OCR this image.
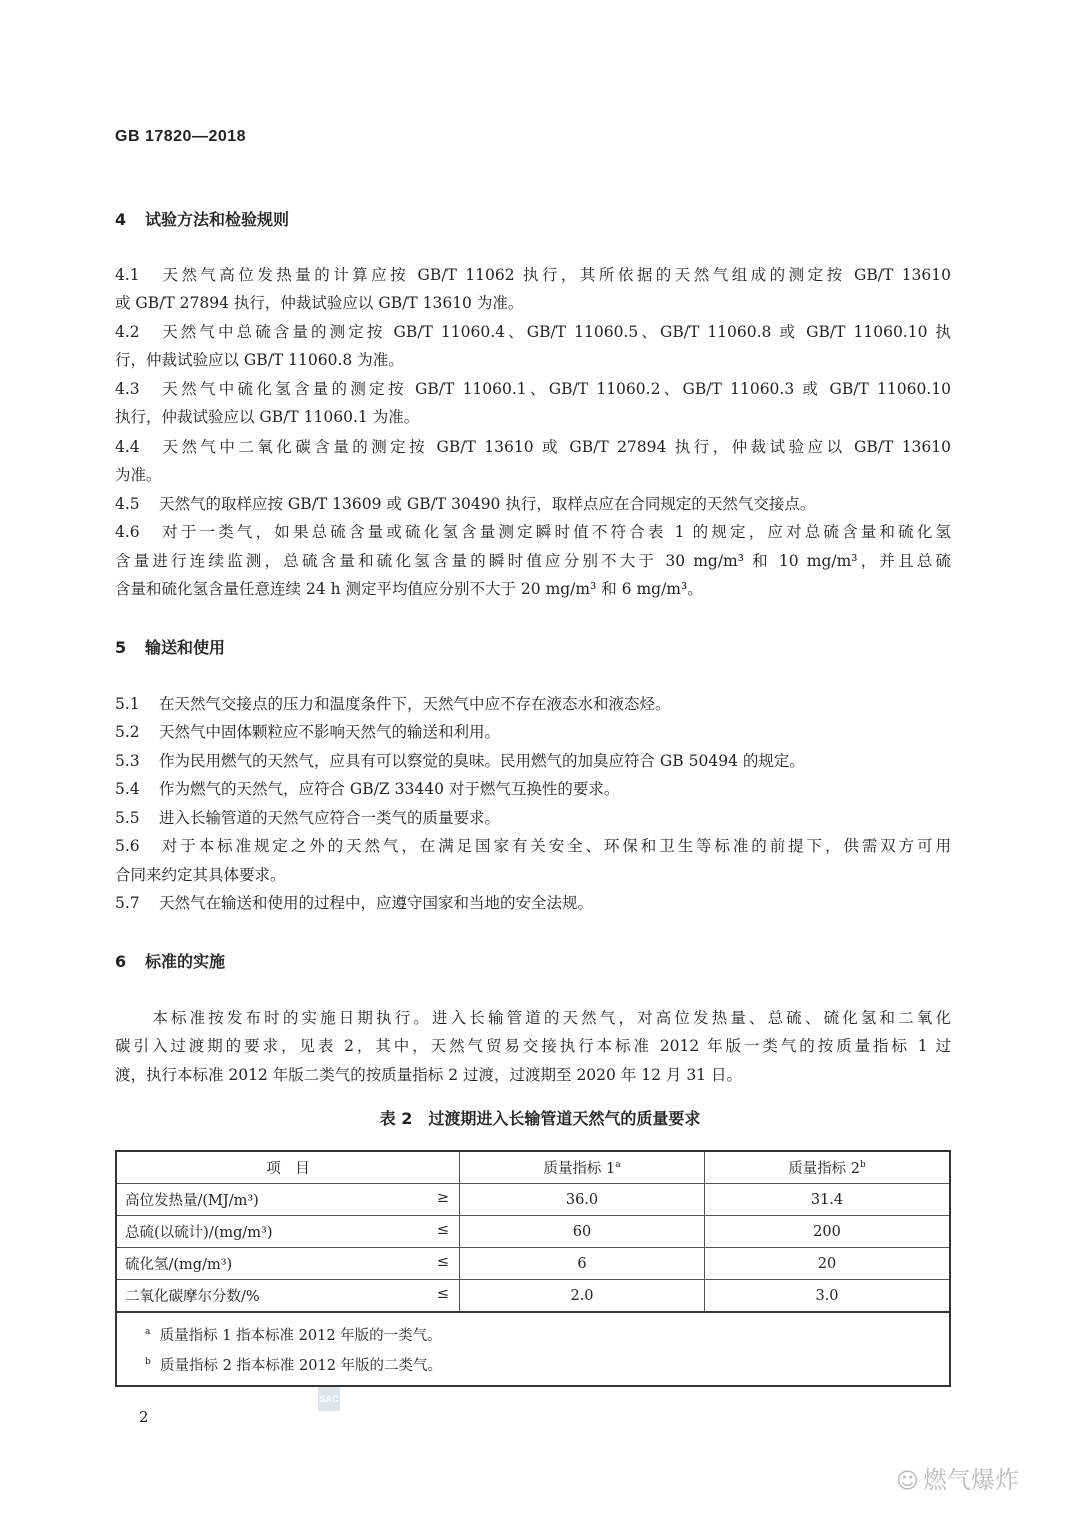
GB 17820—2018
4 试验方法和检验规则
5 输送和使用
6 标准的实施
4.1 天然气高位发热量的计算应按 GB/T 11062 执行，其所依据的天然气组成的测定按 GB/T 13610
或 GB/T 27894 执行，仲裁试验应以 GB/T 13610 为准。
4.2 天然气中总硫含量的测定按 GB/T 11060.4、GB/T 11060.5、GB/T 11060.8 或 GB/T 11060.10 执
行，仲裁试验应以 GB/T 11060.8 为准。
4.3 天然气中硫化氢含量的测定按 GB/T 11060.1、GB/T 11060.2、GB/T 11060.3 或 GB/T 11060.10
执行，仲裁试验应以 GB/T 11060.1 为准。
4.4 天然气中二氧化碳含量的测定按 GB/T 13610 或 GB/T 27894 执行，仲裁试验应以 GB/T 13610
为准。
4.5 天然气的取样应按 GB/T 13609 或 GB/T 30490 执行，取样点应在合同规定的天然气交接点。
4.6 对于一类气，如果总硫含量或硫化氢含量测定瞬时值不符合表 1 的规定，应对总硫含量和硫化氢
含量进行连续监测，总硫含量和硫化氢含量的瞬时值应分别不大于 30 mg/m³ 和 10 mg/m³，并且总硫
含量和硫化氢含量任意连续 24 h 测定平均值应分别不大于 20 mg/m³ 和 6 mg/m³。
5.1 在天然气交接点的压力和温度条件下，天然气中应不存在液态水和液态烃。
5.2 天然气中固体颗粒应不影响天然气的输送和利用。
5.3 作为民用燃气的天然气，应具有可以察觉的臭味。民用燃气的加臭应符合 GB 50494 的规定。
5.4 作为燃气的天然气，应符合 GB/Z 33440 对于燃气互换性的要求。
5.5 进入长输管道的天然气应符合一类气的质量要求。
5.6 对于本标准规定之外的天然气，在满足国家有关安全、环保和卫生等标准的前提下，供需双方可用
合同来约定其具体要求。
5.7 天然气在输送和使用的过程中，应遵守国家和当地的安全法规。
　　本标准按发布时的实施日期执行。进入长输管道的天然气，对高位发热量、总硫、硫化氢和二氧化
碳引入过渡期的要求，见表 2，其中，天然气贸易交接执行本标准 2012 年版一类气的按质量指标 1 过
渡，执行本标准 2012 年版二类气的按质量指标 2 过渡，过渡期至 2020 年 12 月 31 日。
表 2　过渡期进入长输管道天然气的质量要求
项　目	质量指标 1$^a$	质量指标 2$^b$
高位发热量/(MJ/m³) ≥	36.0	31.4
总硫(以硫计)/(mg/m³) ≤	60	200
硫化氢/(mg/m³) ≤	6	20
二氧化碳摩尔分数/% ≤	2.0	3.0

$^a$ 质量指标 1 指本标准 2012 年版的一类气。
$^b$ 质量指标 2 指本标准 2012 年版的二类气。		
SAC
2
☺ 燃气爆炸
